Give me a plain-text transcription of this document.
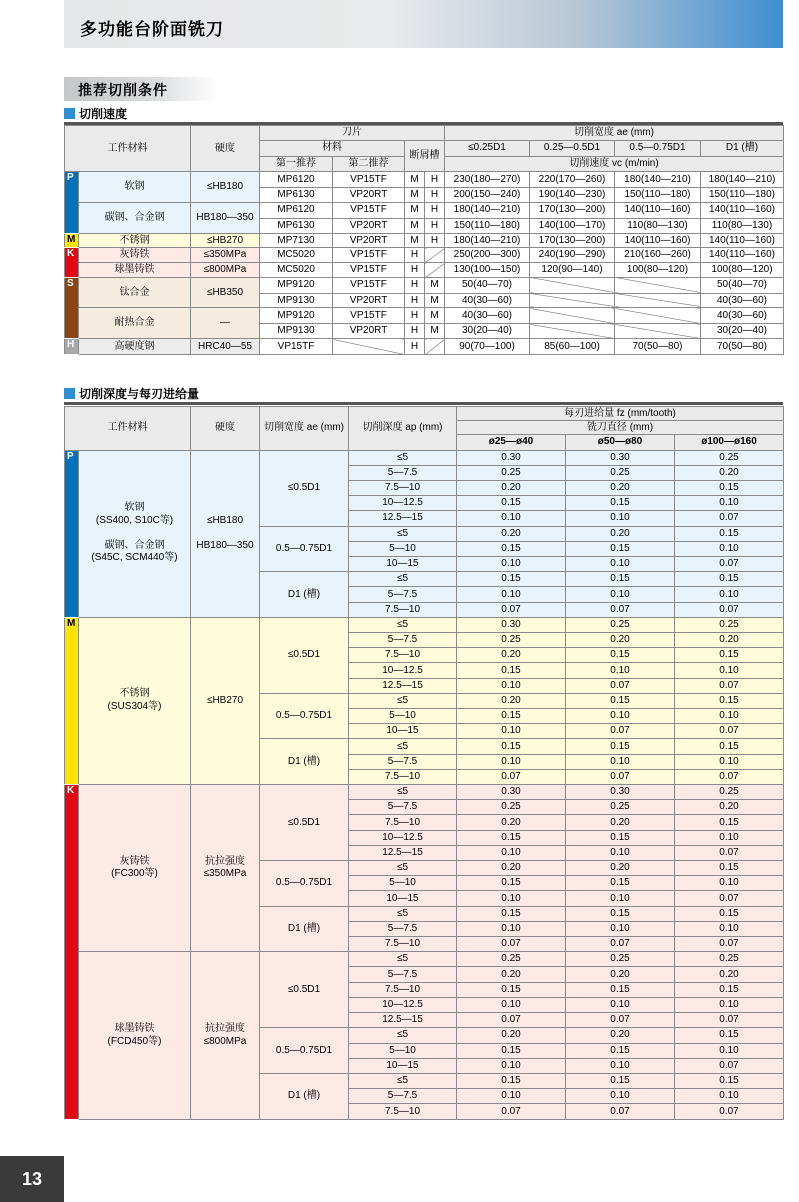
多功能台阶面铣刀
推荐切削条件
切削速度
工件材料		硬度	刀片				切削宽度 ae (mm)			
			材料		断屑槽		≤0.25D1	0.25—0.5D1	0.5—0.75D1	D1 (槽)
			第一推荐	第二推荐			切削速度 vc (m/min)			
P	软钢	≤HB180	MP6120	VP15TF	M	H	230(180—270)	220(170—260)	180(140—210)	180(140—210)
			MP6130	VP20RT	M	H	200(150—240)	190(140—230)	150(110—180)	150(110—180)
	碳钢、合金钢	HB180—350	MP6120	VP15TF	M	H	180(140—210)	170(130—200)	140(110—160)	140(110—160)
			MP6130	VP20RT	M	H	150(110—180)	140(100—170)	110(80—130)	110(80—130)
M	不锈钢	≤HB270	MP7130	VP20RT	M	H	180(140—210)	170(130—200)	140(110—160)	140(110—160)
K	灰铸铁	≤350MPa	MC5020	VP15TF	H		250(200—300)	240(190—290)	210(160—260)	140(110—160)
	球墨铸铁	≤800MPa	MC5020	VP15TF	H		130(100—150)	120(90—140)	100(80—120)	100(80—120)
S	钛合金	≤HB350	MP9120	VP15TF	H	M	50(40—70)			50(40—70)
			MP9130	VP20RT	H	M	40(30—60)			40(30—60)
	耐热合金	—	MP9120	VP15TF	H	M	40(30—60)			40(30—60)
			MP9130	VP20RT	H	M	30(20—40)			30(20—40)
H	高硬度钢	HRC40—55	VP15TF		H		90(70—100)	85(60—100)	70(50—80)	70(50—80)
切削深度与每刃进给量
工件材料		硬度	切削宽度 ae (mm)	切削深度 ap (mm)	每刃进给量 fz (mm/tooth)		
					铣刀直径 (mm)		
					ø25—ø40	ø50—ø80	ø100—ø160
P	软钢
(SS400, S10C等)

碳钢、合金钢
(S45C, SCM440等)	≤HB180

HB180—350	≤0.5D1	≤5	0.30	0.30	0.25
				5—7.5	0.25	0.25	0.20
				7.5—10	0.20	0.20	0.15
				10—12.5	0.15	0.15	0.10
				12.5—15	0.10	0.10	0.07
			0.5—0.75D1	≤5	0.20	0.20	0.15
				5—10	0.15	0.15	0.10
				10—15	0.10	0.10	0.07
			D1 (槽)	≤5	0.15	0.15	0.15
				5—7.5	0.10	0.10	0.10
				7.5—10	0.07	0.07	0.07
M	不锈钢
(SUS304等)	≤HB270	≤0.5D1	≤5	0.30	0.25	0.25
				5—7.5	0.25	0.20	0.20
				7.5—10	0.20	0.15	0.15
				10—12.5	0.15	0.10	0.10
				12.5—15	0.10	0.07	0.07
			0.5—0.75D1	≤5	0.20	0.15	0.15
				5—10	0.15	0.10	0.10
				10—15	0.10	0.07	0.07
			D1 (槽)	≤5	0.15	0.15	0.15
				5—7.5	0.10	0.10	0.10
				7.5—10	0.07	0.07	0.07
K	灰铸铁
(FC300等)	抗拉强度
≤350MPa	≤0.5D1	≤5	0.30	0.30	0.25
				5—7.5	0.25	0.25	0.20
				7.5—10	0.20	0.20	0.15
				10—12.5	0.15	0.15	0.10
				12.5—15	0.10	0.10	0.07
			0.5—0.75D1	≤5	0.20	0.20	0.15
				5—10	0.15	0.15	0.10
				10—15	0.10	0.10	0.07
			D1 (槽)	≤5	0.15	0.15	0.15
				5—7.5	0.10	0.10	0.10
				7.5—10	0.07	0.07	0.07
	球墨铸铁
(FCD450等)	抗拉强度
≤800MPa	≤0.5D1	≤5	0.25	0.25	0.25
				5—7.5	0.20	0.20	0.20
				7.5—10	0.15	0.15	0.15
				10—12.5	0.10	0.10	0.10
				12.5—15	0.07	0.07	0.07
			0.5—0.75D1	≤5	0.20	0.20	0.15
				5—10	0.15	0.15	0.10
				10—15	0.10	0.10	0.07
			D1 (槽)	≤5	0.15	0.15	0.15
				5—7.5	0.10	0.10	0.10
				7.5—10	0.07	0.07	0.07
13
